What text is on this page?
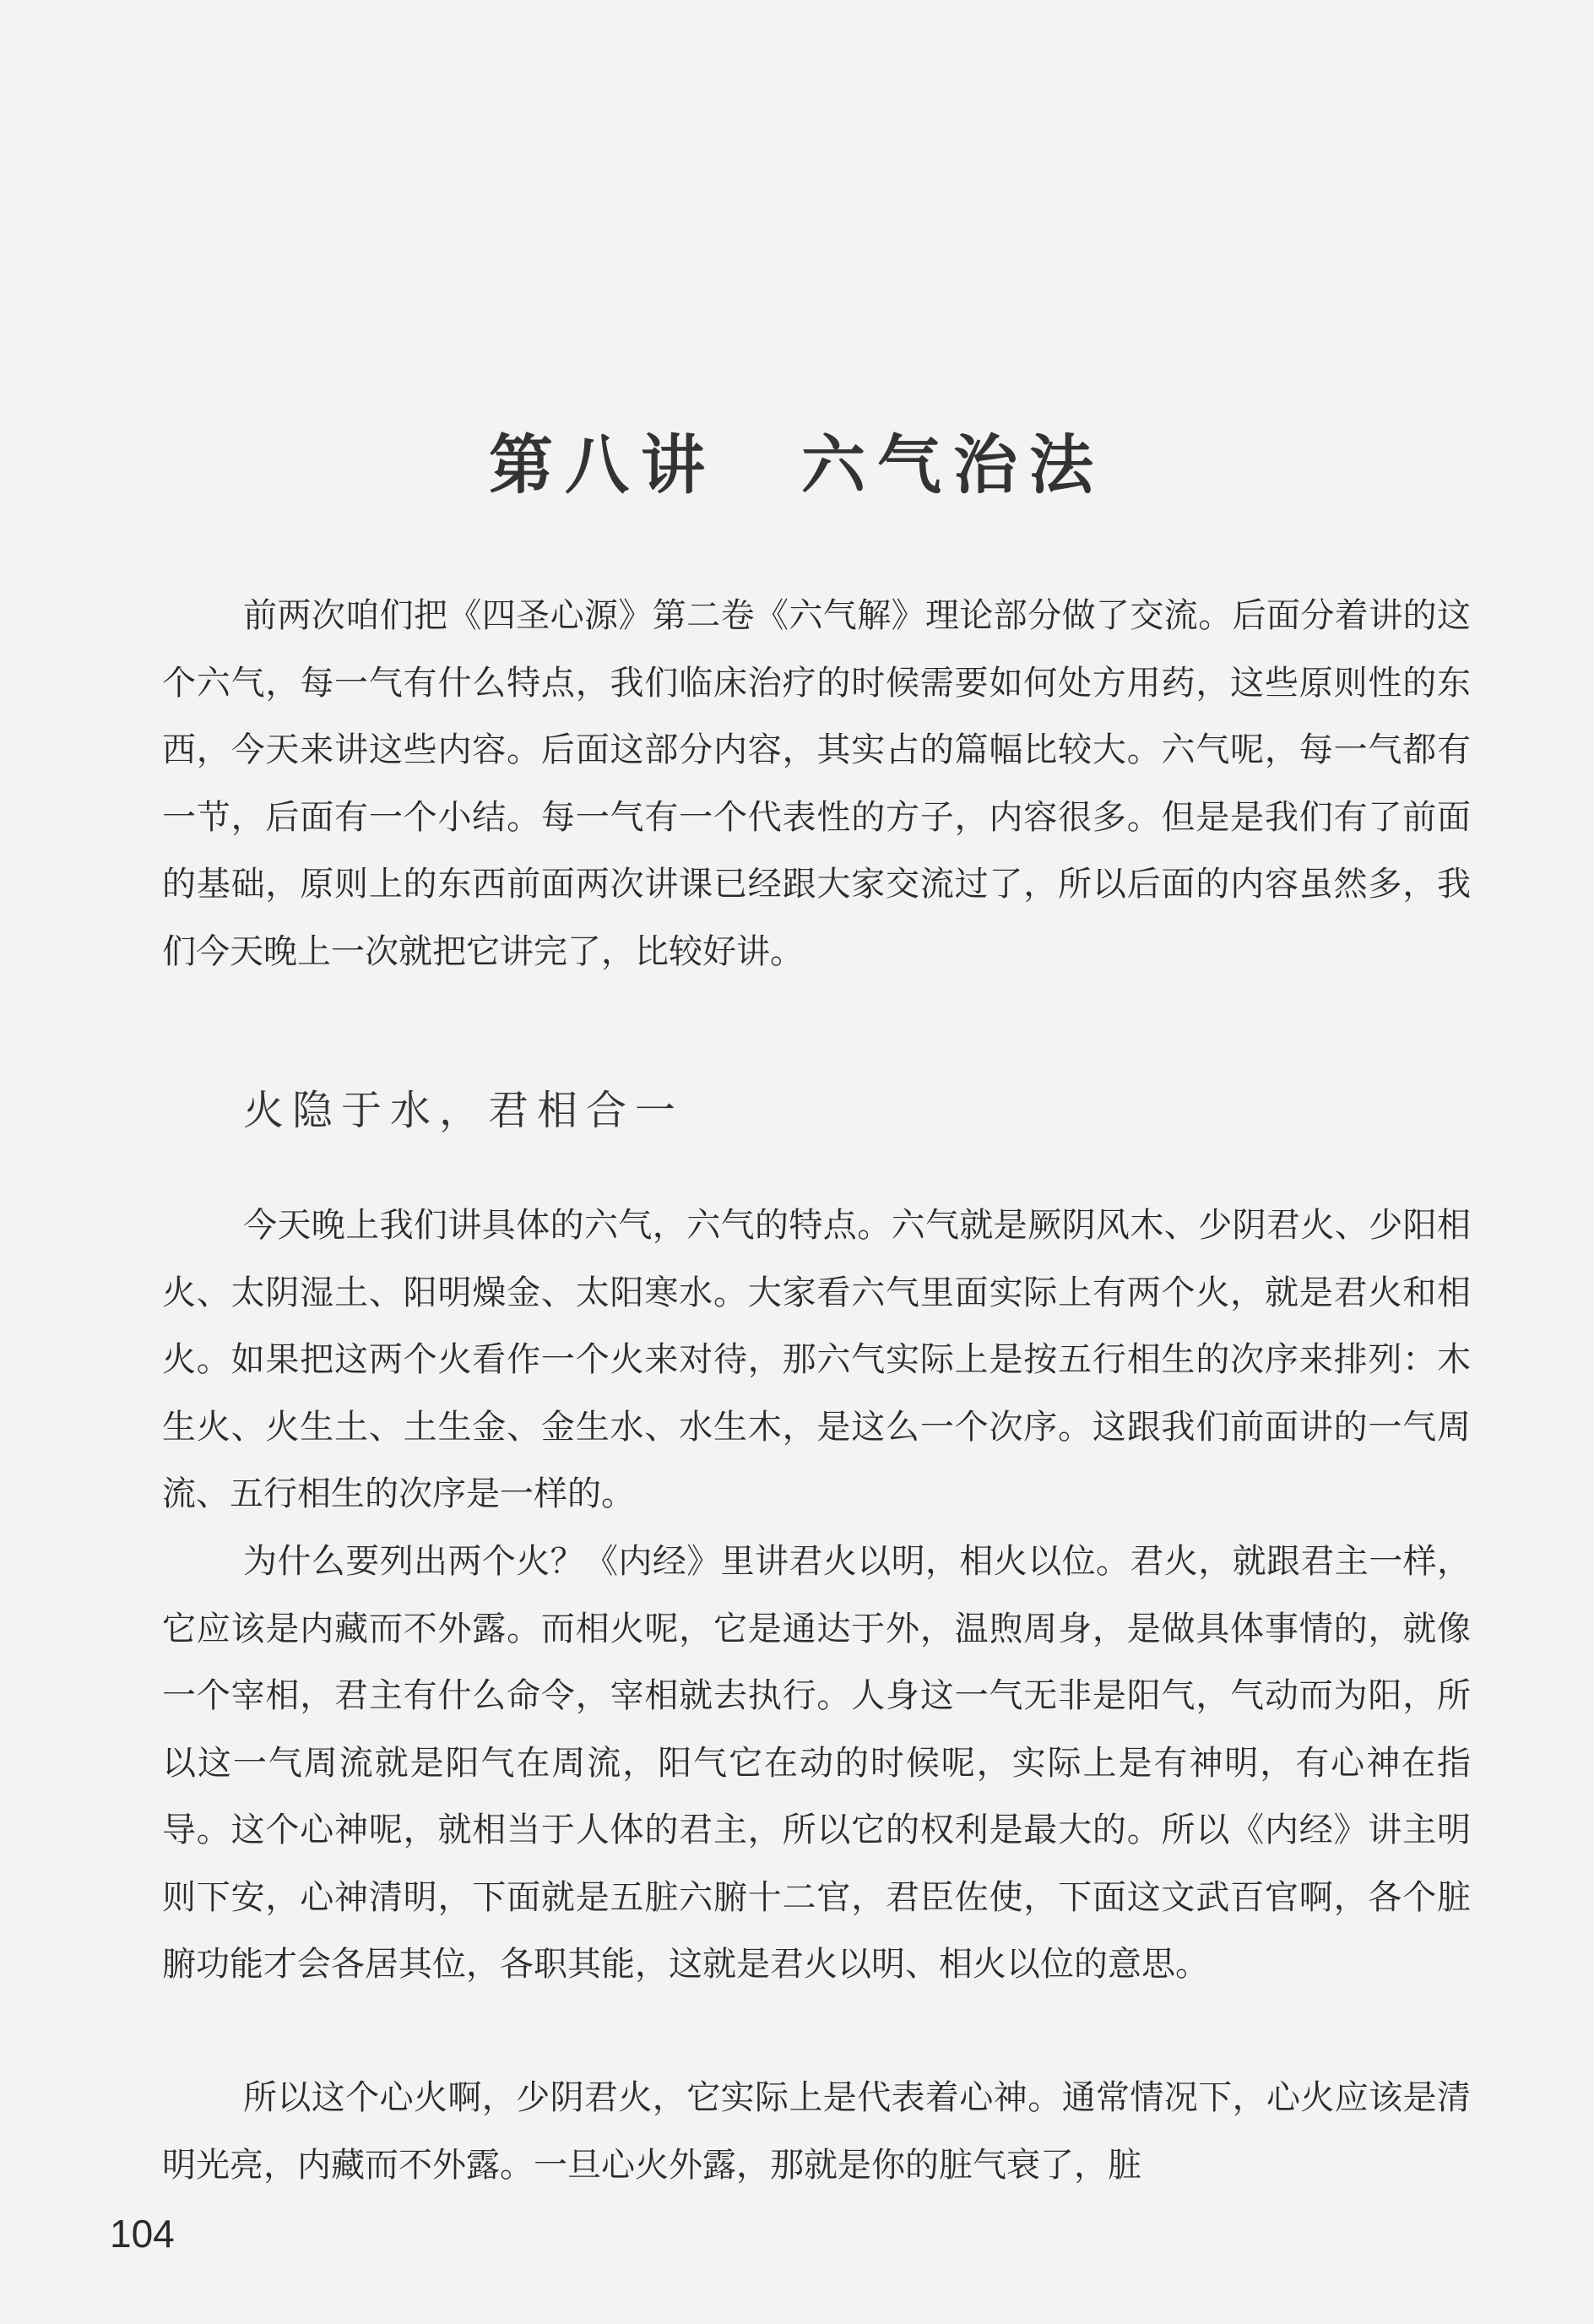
第八讲 六气治法

前两次咱们把《四圣心源》第二卷《六气解》理论部分做了交流。后面分着讲的这个六气，每一气有什么特点，我们临床治疗的时候需要如何处方用药，这些原则性的东西，今天来讲这些内容。后面这部分内容，其实占的篇幅比较大。六气呢，每一气都有一节，后面有一个小结。每一气有一个代表性的方子，内容很多。但是是我们有了前面的基础，原则上的东西前面两次讲课已经跟大家交流过了，所以后面的内容虽然多，我们今天晚上一次就把它讲完了，比较好讲。

火隐于水，君相合一

今天晚上我们讲具体的六气，六气的特点。六气就是厥阴风木、少阴君火、少阳相火、太阴湿土、阳明燥金、太阳寒水。大家看六气里面实际上有两个火，就是君火和相火。如果把这两个火看作一个火来对待，那六气实际上是按五行相生的次序来排列：木生火、火生土、土生金、金生水、水生木，是这么一个次序。这跟我们前面讲的一气周流、五行相生的次序是一样的。

为什么要列出两个火？《内经》里讲君火以明，相火以位。君火，就跟君主一样，它应该是内藏而不外露。而相火呢，它是通达于外，温煦周身，是做具体事情的，就像一个宰相，君主有什么命令，宰相就去执行。人身这一气无非是阳气，气动而为阳，所以这一气周流就是阳气在周流，阳气它在动的时候呢，实际上是有神明，有心神在指导。这个心神呢，就相当于人体的君主，所以它的权利是最大的。所以《内经》讲主明则下安，心神清明，下面就是五脏六腑十二官，君臣佐使，下面这文武百官啊，各个脏腑功能才会各居其位，各职其能，这就是君火以明、相火以位的意思。

所以这个心火啊，少阴君火，它实际上是代表着心神。通常情况下，心火应该是清明光亮，内藏而不外露。一旦心火外露，那就是你的脏气衰了，脏

104
